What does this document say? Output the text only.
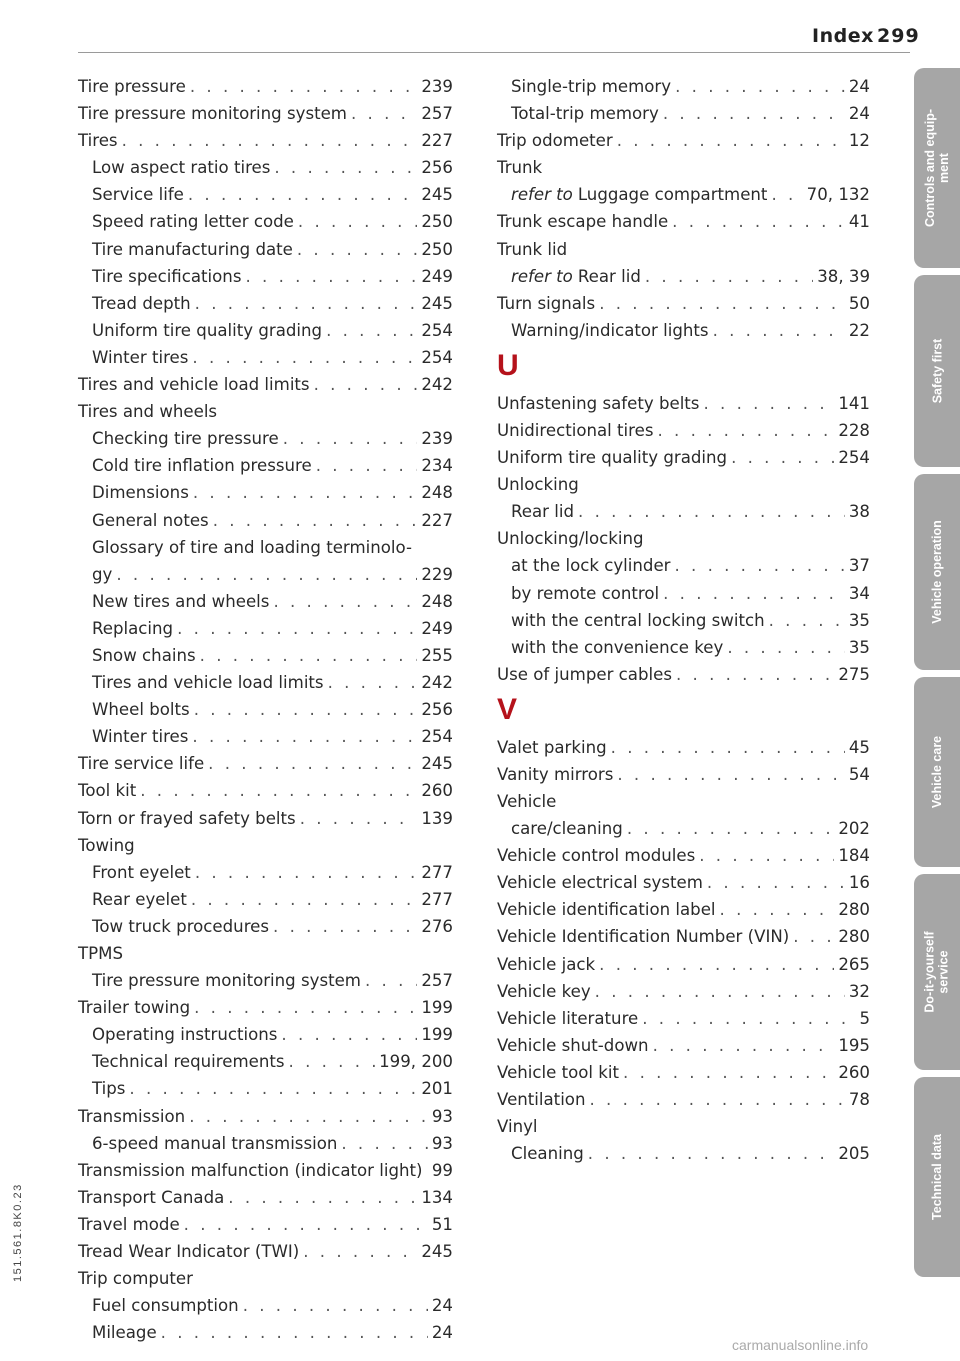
Index 299
Tire pressure . . .	239
Tire pressure monitoring system . . .	257
Tires . . .	227
Low aspect ratio tires . . .	256
Service life . . .	245
Speed rating letter code . . .	250
Tire manufacturing date . . .	250
Tire specifications . . .	249
Tread depth . . .	245
Uniform tire quality grading . . .	254
Winter tires . . .	254
Tires and vehicle load limits . . .	242
Tires and wheels
Checking tire pressure . . .	239
Cold tire inflation pressure . . .	234
Dimensions . . .	248
General notes . . .	227
Glossary of tire and loading terminolo-
gy . . .	229
New tires and wheels . . .	248
Replacing . . .	249
Snow chains . . .	255
Tires and vehicle load limits . . .	242
Wheel bolts . . .	256
Winter tires . . .	254
Tire service life . . .	245
Tool kit . . .	260
Torn or frayed safety belts . . .	139
Towing
Front eyelet . . .	277
Rear eyelet . . .	277
Tow truck procedures . . .	276
TPMS
Tire pressure monitoring system . . .	257
Trailer towing . . .	199
Operating instructions . . .	199
Technical requirements . . .	199, 200
Tips . . .	201
Transmission . . .	93
6-speed manual transmission . . .	93
Transmission malfunction (indicator light) 99
Transport Canada . . .	134
Travel mode . . .	51
Tread Wear Indicator (TWI) . . .	245
Trip computer
Fuel consumption . . .	24
Mileage . . .	24
Single-trip memory . . .	24
Total-trip memory . . .	24
Trip odometer . . .	12
Trunk
refer to Luggage compartment . . . 70, 132
Trunk escape handle . . .	41
Trunk lid
refer to Rear lid . . .	38, 39
Turn signals . . .	50
Warning/indicator lights . . .	22
U
Unfastening safety belts . . .	141
Unidirectional tires . . .	228
Uniform tire quality grading . . .	254
Unlocking
Rear lid . . .	38
Unlocking/locking
at the lock cylinder . . .	37
by remote control . . .	34
with the central locking switch . . .	35
with the convenience key . . .	35
Use of jumper cables . . .	275
V
Valet parking . . .	45
Vanity mirrors . . .	54
Vehicle
care/cleaning . . .	202
Vehicle control modules . . .	184
Vehicle electrical system . . .	16
Vehicle identification label . . .	280
Vehicle Identification Number (VIN) . . .	280
Vehicle jack . . .	265
Vehicle key . . .	32
Vehicle literature . . .	5
Vehicle shut-down . . .	195
Vehicle tool kit . . .	260
Ventilation . . .	78
Vinyl
Cleaning . . .	205
Controls and equip-
ment
Safety first
Vehicle operation
Vehicle care
Do-it-yourself
service
Technical data
151.561.8K0.23
carmanualsonline.info
